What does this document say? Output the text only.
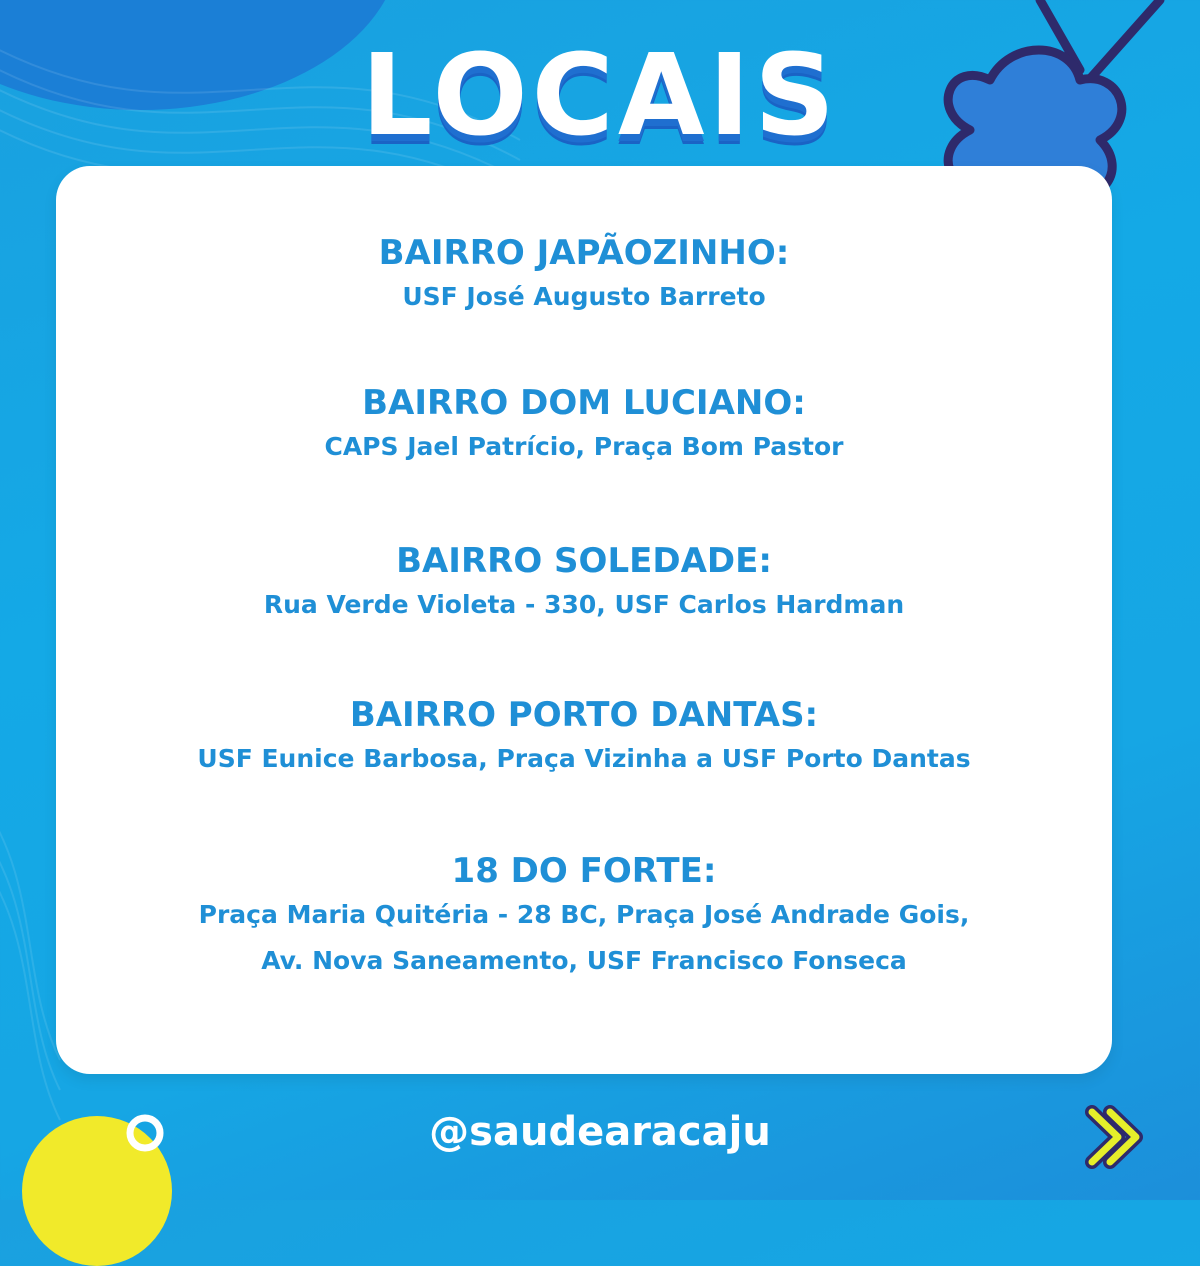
LOCAIS
BAIRRO JAPÃOZINHO:
USF José Augusto Barreto
BAIRRO DOM LUCIANO:
CAPS Jael Patrício, Praça Bom Pastor
BAIRRO SOLEDADE:
Rua Verde Violeta - 330, USF Carlos Hardman
BAIRRO PORTO DANTAS:
USF Eunice Barbosa, Praça Vizinha a USF Porto Dantas
18 DO FORTE:
Praça Maria Quitéria - 28 BC, Praça José Andrade Gois,
Av. Nova Saneamento, USF Francisco Fonseca
@saudearacaju
